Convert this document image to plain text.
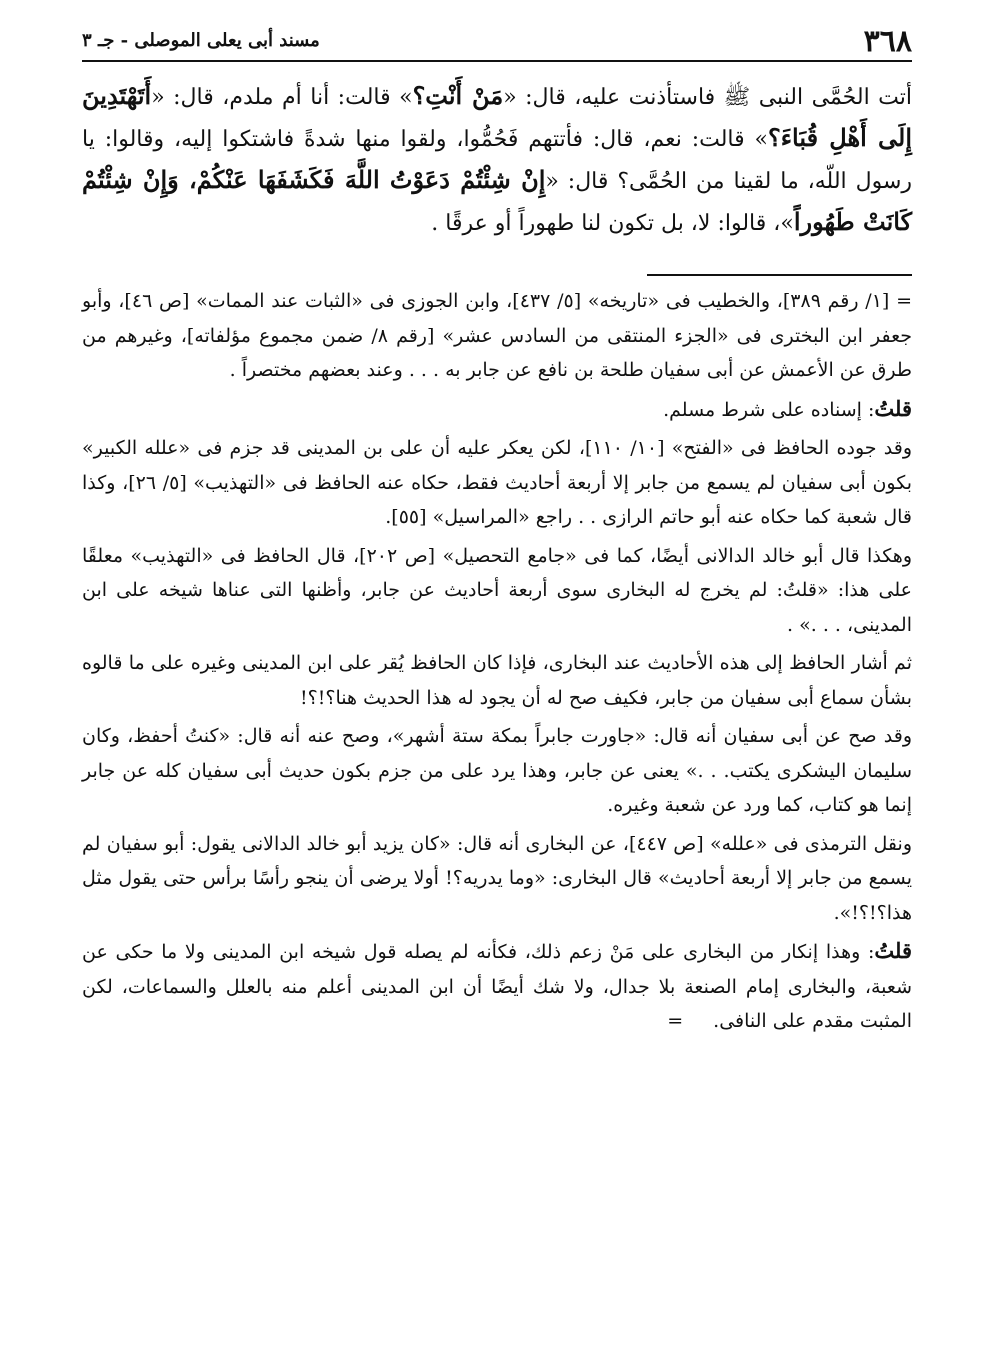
٣٦٨
مسند أبى يعلى الموصلى - جـ ٣
أتت الحُمَّى النبى ﷺ فاستأذنت عليه، قال: «مَنْ أَنْتِ؟» قالت: أنا أم ملدم، قال: «أَتَهْتَدِينَ إِلَى أَهْلِ قُبَاءَ؟» قالت: نعم، قال: فأتتهم فَحُمُّوا، ولقوا منها شدةً فاشتكوا إليه، وقالوا: يا رسول اللّه، ما لقينا من الحُمَّى؟ قال: «إِنْ شِئْتُمْ دَعَوْتُ اللَّهَ فَكَشَفَهَا عَنْكُمْ، وَإِنْ شِئْتُمْ كَانَتْ طَهُوراً»، قالوا: لا، بل تكون لنا طهوراً أو عرقًا .

= [١/ رقم ٣٨٩]، والخطيب فى «تاريخه» [٥/ ٤٣٧]، وابن الجوزى فى «الثبات عند الممات» [ص ٤٦]، وأبو جعفر ابن البخترى فى «الجزء المنتقى من السادس عشر» [رقم ٨/ ضمن مجموع مؤلفاته]، وغيرهم من طرق عن الأعمش عن أبى سفيان طلحة بن نافع عن جابر به . . . وعند بعضهم مختصراً .

قلتُ: إسناده على شرط مسلم.

وقد جوده الحافظ فى «الفتح» [١٠/ ١١٠]، لكن يعكر عليه أن على بن المدينى قد جزم فى «علله الكبير» بكون أبى سفيان لم يسمع من جابر إلا أربعة أحاديث فقط، حكاه عنه الحافظ فى «التهذيب» [٥/ ٢٦]، وكذا قال شعبة كما حكاه عنه أبو حاتم الرازى . . راجع «المراسيل» [٥٥].

وهكذا قال أبو خالد الدالانى أيضًا، كما فى «جامع التحصيل» [ص ٢٠٢]، قال الحافظ فى «التهذيب» معلقًا على هذا: «قلتُ: لم يخرج له البخارى سوى أربعة أحاديث عن جابر، وأظنها التى عناها شيخه على ابن المدينى، . . .» .

ثم أشار الحافظ إلى هذه الأحاديث عند البخارى، فإذا كان الحافظ يُقر على ابن المدينى وغيره على ما قالوه بشأن سماع أبى سفيان من جابر، فكيف صح له أن يجود له هذا الحديث هنا؟!؟!

وقد صح عن أبى سفيان أنه قال: «جاورت جابراً بمكة ستة أشهر»، وصح عنه أنه قال: «كنتُ أحفظ، وكان سليمان اليشكرى يكتب. . .» يعنى عن جابر، وهذا يرد على من جزم بكون حديث أبى سفيان كله عن جابر إنما هو كتاب، كما ورد عن شعبة وغيره.

ونقل الترمذى فى «علله» [ص ٤٤٧]، عن البخارى أنه قال: «كان يزيد أبو خالد الدالانى يقول: أبو سفيان لم يسمع من جابر إلا أربعة أحاديث» قال البخارى: «وما يدريه؟! أولا يرضى أن ينجو رأسًا برأس حتى يقول مثل هذا؟!؟!».

قلتُ: وهذا إنكار من البخارى على مَنْ زعم ذلك، فكأنه لم يصله قول شيخه ابن المدينى ولا ما حكى عن شعبة، والبخارى إمام الصنعة بلا جدال، ولا شك أيضًا أن ابن المدينى أعلم منه بالعلل والسماعات، لكن المثبت مقدم على النافى.=
